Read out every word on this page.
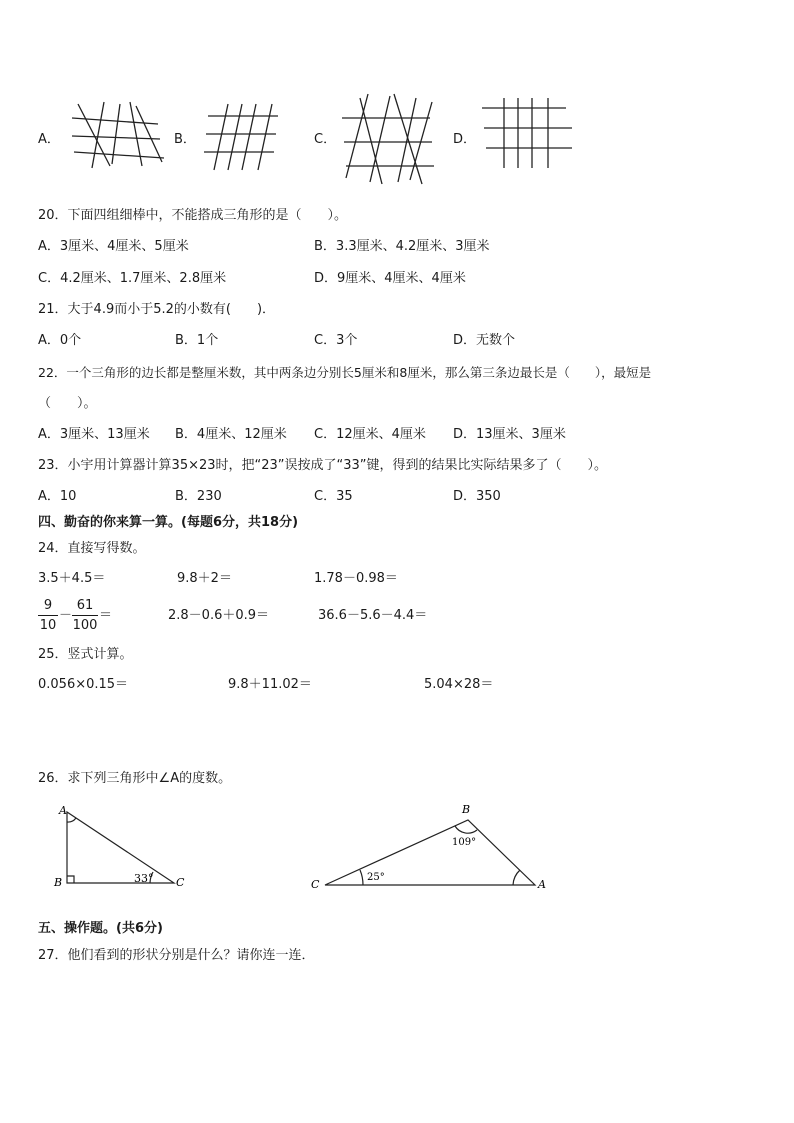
A．	B．	C．	D．
20．下面四组细棒中，不能搭成三角形的是（　　）。
A．3厘米、4厘米、5厘米	B．3.3厘米、4.2厘米、3厘米
C．4.2厘米、1.7厘米、2.8厘米	D．9厘米、4厘米、4厘米
21．大于4.9而小于5.2的小数有(　　)．
A．0个	B．1个	C．3个	D．无数个
22．一个三角形的边长都是整厘米数，其中两条边分别长5厘米和8厘米，那么第三条边最长是（　　），最短是
（　　）。
A．3厘米、13厘米 B．4厘米、12厘米 C．12厘米、4厘米 D．13厘米、3厘米
23．小宇用计算器计算35×23时，把“23”误按成了“33”键，得到的结果比实际结果多了（　　）。
A．10	B．230	C．35	D．350
四、勤奋的你来算一算。(每题6分，共18分)
24．直接写得数。
3.5＋4.5＝	9.8＋2＝	1.78－0.98＝
9
10
－
61
100
＝	2.8－0.6＋0.9＝	36.6－5.6－4.4＝
25．竖式计算。
0.056×0.15＝	9.8＋11.02＝	5.04×28＝
26．求下列三角形中∠A的度数。
A
B	C
33°
B
C	A
109°
25°
五、操作题。(共6分)
27．他们看到的形状分别是什么？请你连一连．
